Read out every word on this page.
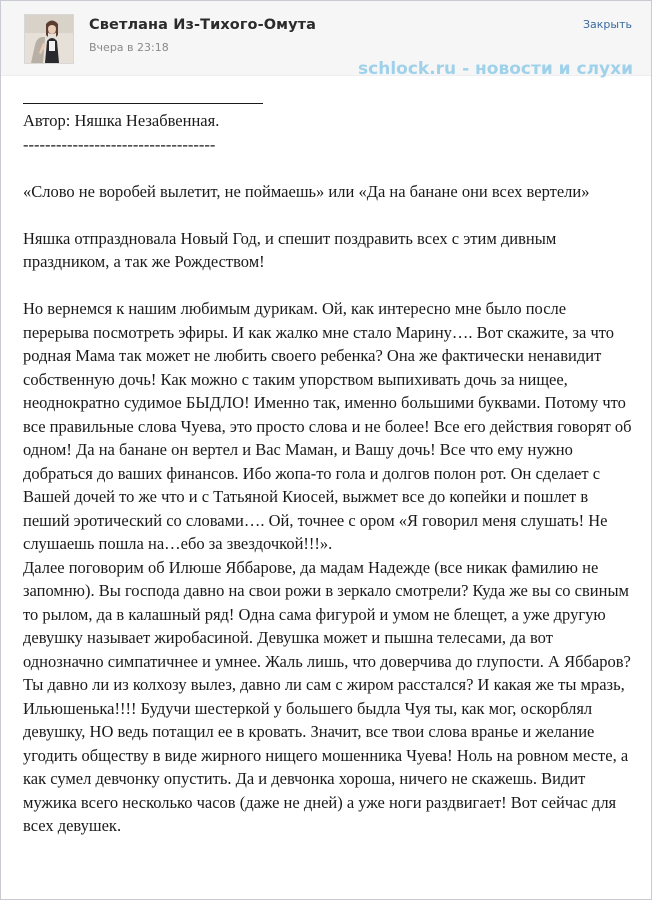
Светлана Из-Тихого-Омута
Вчера в 23:18
Закрыть
schlock.ru - новости и слухи

Автор: Няшка Незабвенная.

-----------------------------------

«Слово не воробей вылетит, не поймаешь» или «Да на банане они всех вертели»

Няшка отпраздновала Новый Год, и спешит поздравить всех с этим дивным праздником, а так же Рождеством!

Но вернемся к нашим любимым дурикам. Ой, как интересно мне было после перерыва посмотреть эфиры. И как жалко мне стало Марину…. Вот скажите, за что родная Мама так может не любить своего ребенка? Она же фактически ненавидит собственную дочь! Как можно с таким упорством выпихивать дочь за нищее, неоднократно судимое БЫДЛО! Именно так, именно большими буквами. Потому что все правильные слова Чуева, это просто слова и не более! Все его действия говорят об одном! Да на банане он вертел и Вас Маман, и Вашу дочь! Все что ему нужно добраться до ваших финансов. Ибо жопа-то гола и долгов полон рот. Он сделает с Вашей дочей то же что и с Татьяной Киосей, выжмет все до копейки и пошлет в пеший эротический со словами…. Ой, точнее с ором «Я говорил меня слушать! Не слушаешь пошла на…ебо за звездочкой!!!».

Далее поговорим об Илюше Яббарове, да мадам Надежде (все никак фамилию не запомню). Вы господа давно на свои рожи в зеркало смотрели? Куда же вы со свиным то рылом, да в калашный ряд! Одна сама фигурой и умом не блещет, а уже другую девушку называет жиробасиной. Девушка может и пышна телесами, да вот однозначно симпатичнее и умнее. Жаль лишь, что доверчива до глупости. А Яббаров? Ты давно ли из колхозу вылез, давно ли сам с жиром расстался? И какая же ты мразь, Ильюшенька!!!! Будучи шестеркой у большего быдла Чуя ты, как мог, оскорблял девушку, НО ведь потащил ее в кровать. Значит, все твои слова вранье и желание угодить обществу в виде жирного нищего мошенника Чуева! Ноль на ровном месте, а как сумел девчонку опустить. Да и девчонка хороша, ничего не скажешь. Видит мужика всего несколько часов (даже не дней) а уже ноги раздвигает! Вот сейчас для всех девушек.
